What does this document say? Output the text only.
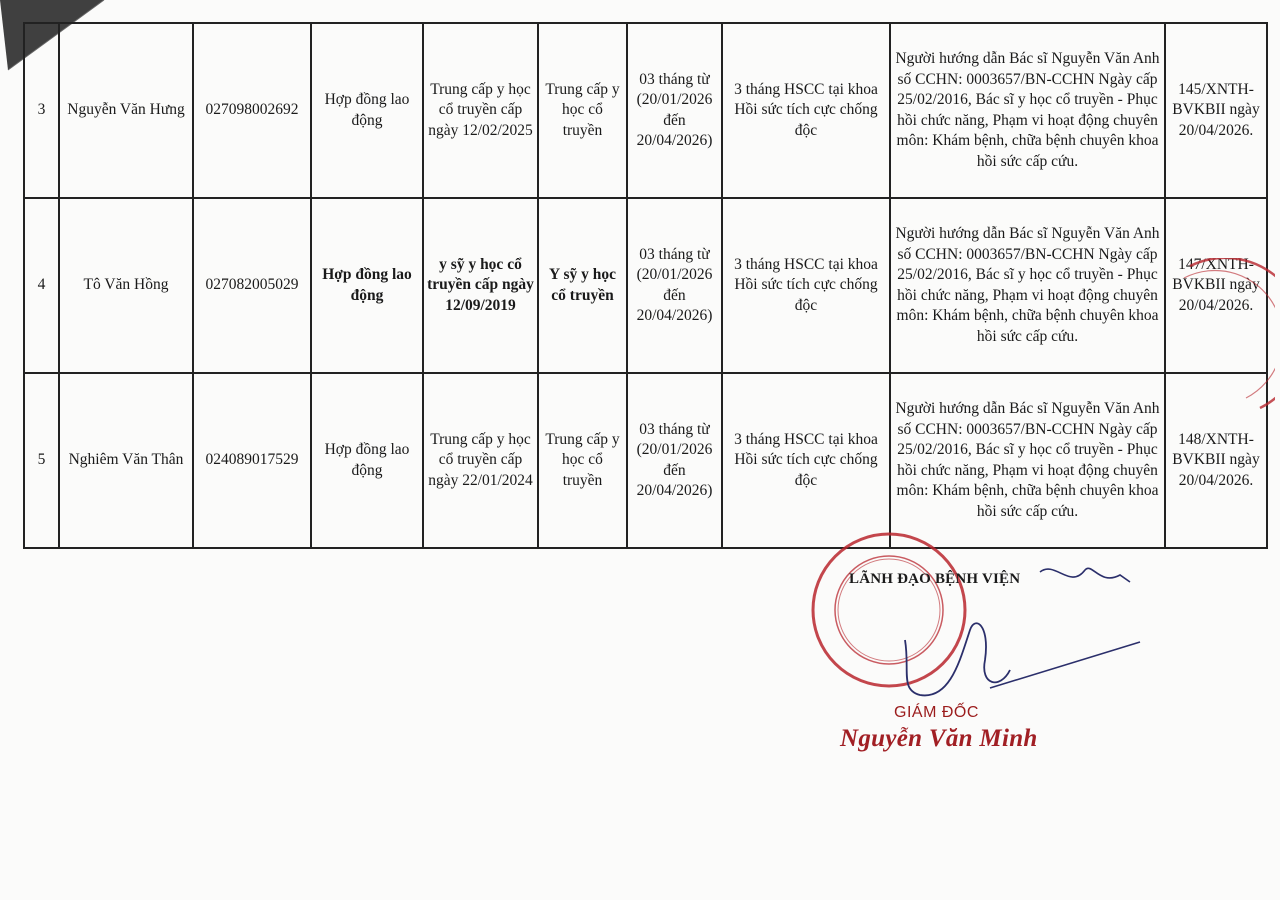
3	Nguyễn Văn Hưng	027098002692	Hợp đồng lao động	Trung cấp y học cổ truyền cấp ngày 12/02/2025	Trung cấp y học cổ truyền	03 tháng từ (20/01/2026 đến 20/04/2026)	3 tháng HSCC tại khoa Hồi sức tích cực chống độc	Người hướng dẫn Bác sĩ Nguyễn Văn Anh số CCHN: 0003657/BN-CCHN Ngày cấp 25/02/2016, Bác sĩ y học cổ truyền - Phục hồi chức năng, Phạm vi hoạt động chuyên môn: Khám bệnh, chữa bệnh chuyên khoa hồi sức cấp cứu.	145/XNTH-BVKBII ngày 20/04/2026.
4	Tô Văn Hồng	027082005029	Hợp đồng lao động	y sỹ y học cổ truyền cấp ngày 12/09/2019	Y sỹ y học cổ truyền	03 tháng từ (20/01/2026 đến 20/04/2026)	3 tháng HSCC tại khoa Hồi sức tích cực chống độc	Người hướng dẫn Bác sĩ Nguyễn Văn Anh số CCHN: 0003657/BN-CCHN Ngày cấp 25/02/2016, Bác sĩ y học cổ truyền - Phục hồi chức năng, Phạm vi hoạt động chuyên môn: Khám bệnh, chữa bệnh chuyên khoa hồi sức cấp cứu.	147/XNTH-BVKBII ngày 20/04/2026.
5	Nghiêm Văn Thân	024089017529	Hợp đồng lao động	Trung cấp y học cổ truyền cấp ngày 22/01/2024	Trung cấp y học cổ truyền	03 tháng từ (20/01/2026 đến 20/04/2026)	3 tháng HSCC tại khoa Hồi sức tích cực chống độc	Người hướng dẫn Bác sĩ Nguyễn Văn Anh số CCHN: 0003657/BN-CCHN Ngày cấp 25/02/2016, Bác sĩ y học cổ truyền - Phục hồi chức năng, Phạm vi hoạt động chuyên môn: Khám bệnh, chữa bệnh chuyên khoa hồi sức cấp cứu.	148/XNTH-BVKBII ngày 20/04/2026.
LÃNH ĐẠO BỆNH VIỆN
GIÁM ĐỐC
Nguyễn Văn Minh
